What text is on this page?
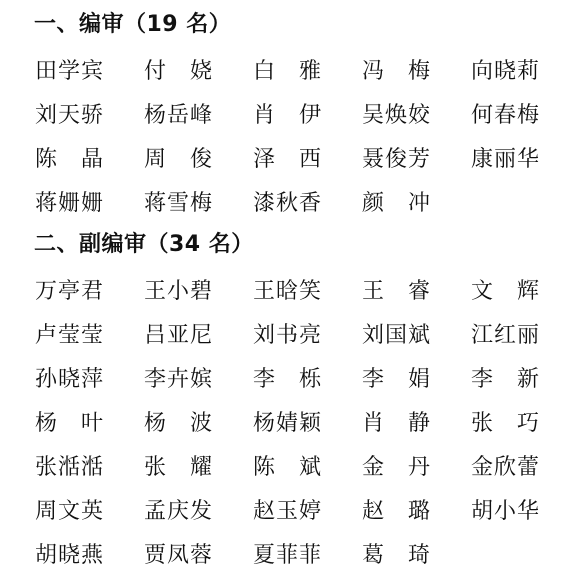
一、编审（19 名）
田学宾 付 娆 白 雅 冯 梅 向晓莉
刘天骄 杨岳峰 肖 伊 吴焕姣 何春梅
陈 晶 周 俊 泽 西 聂俊芳 康丽华
蒋姗姗 蒋雪梅 漆秋香 颜 冲
二、副编审（34 名）
万亭君 王小碧 王晗笑 王 睿 文 辉
卢莹莹 吕亚尼 刘书亮 刘国斌 江红丽
孙晓萍 李卉嫔 李 栎 李 娟 李 新
杨 叶 杨 波 杨婧颖 肖 静 张 巧
张湉湉 张 耀 陈 斌 金 丹 金欣蕾
周文英 孟庆发 赵玉婷 赵 璐 胡小华
胡晓燕 贾凤蓉 夏菲菲 葛 琦
